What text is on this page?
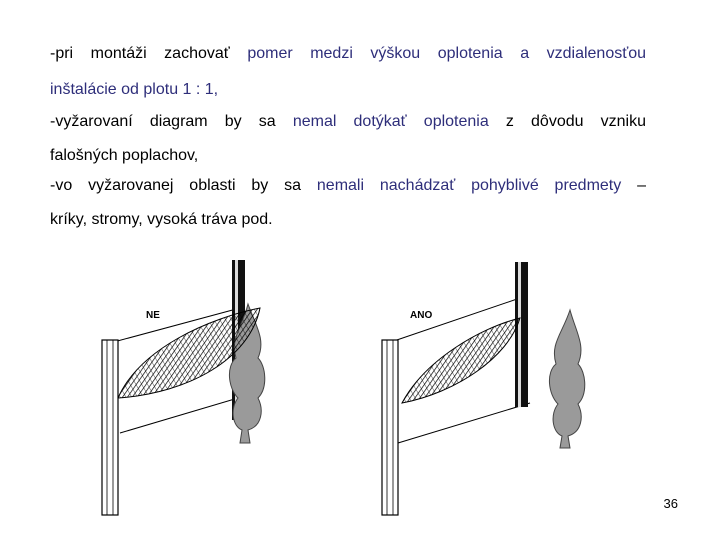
-pri montáži zachovať pomer medzi výškou oplotenia a vzdialenosťou
inštalácie od plotu 1 : 1,
-vyžarovaní diagram by sa nemal dotýkať oplotenia z dôvodu vzniku
falošných poplachov,
-vo vyžarovanej oblasti by sa nemali nachádzať pohyblivé predmety –
kríky, stromy, vysoká tráva pod.
NE	ANO
36
